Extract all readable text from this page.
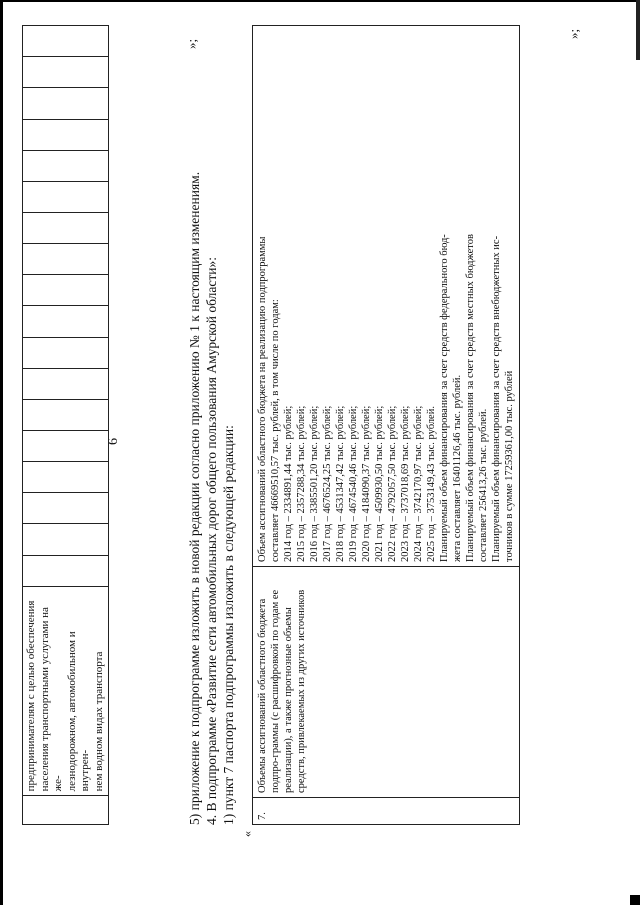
6

предпринимателям с целью обеспечения населения транспортными услугами на же- лезнодорожном, автомобильном и внутрен- нем водном видах транспорта

»;
5) приложение к подпрограмме изложить в новой редакции согласно приложению № 1 к настоящим изменениям. 4. В подпрограмме «Развитие сети автомобильных дорог общего пользования Амурской области»: 1) пункт 7 паспорта подпрограммы изложить в следующей редакции:
«
7.	Объемы ассигнований областного бюджета подпро-граммы (с расшифровкой по годам ее реализации), а также прогнозные объемы средств, привлекаемых из других источников	
Объем ассигнований областного бюджета на реализацию подпрограммы составляет 46669510,57 тыс. рублей, в том числе по годам: 2014 год – 2334891,44 тыс. рублей; 2015 год – 2357288,34 тыс. рублей; 2016 год – 3385501,20 тыс. рублей; 2017 год – 4676524,25 тыс. рублей; 2018 год – 4531347,42 тыс. рублей; 2019 год – 4674540,46 тыс. рублей; 2020 год – 4184090,37 тыс. рублей; 2021 год – 4509930,50 тыс. рублей; 2022 год – 4792057,50 тыс. рублей; 2023 год – 3737018,69 тыс. рублей; 2024 год – 3742170,97 тыс. рублей; 2025 год – 3753149,43 тыс. рублей. Планируемый объем финансирования за счет средств федерального бюд- жета составляет 16401126,46 тыс. рублей. Планируемый объем финансирования за счет средств местных бюджетов составляет 256413,26 тыс. рублей. Планируемый объем финансирования за счет средств внебюджетных ис- точников в сумме 17259361,00 тыс. рублей
»;
